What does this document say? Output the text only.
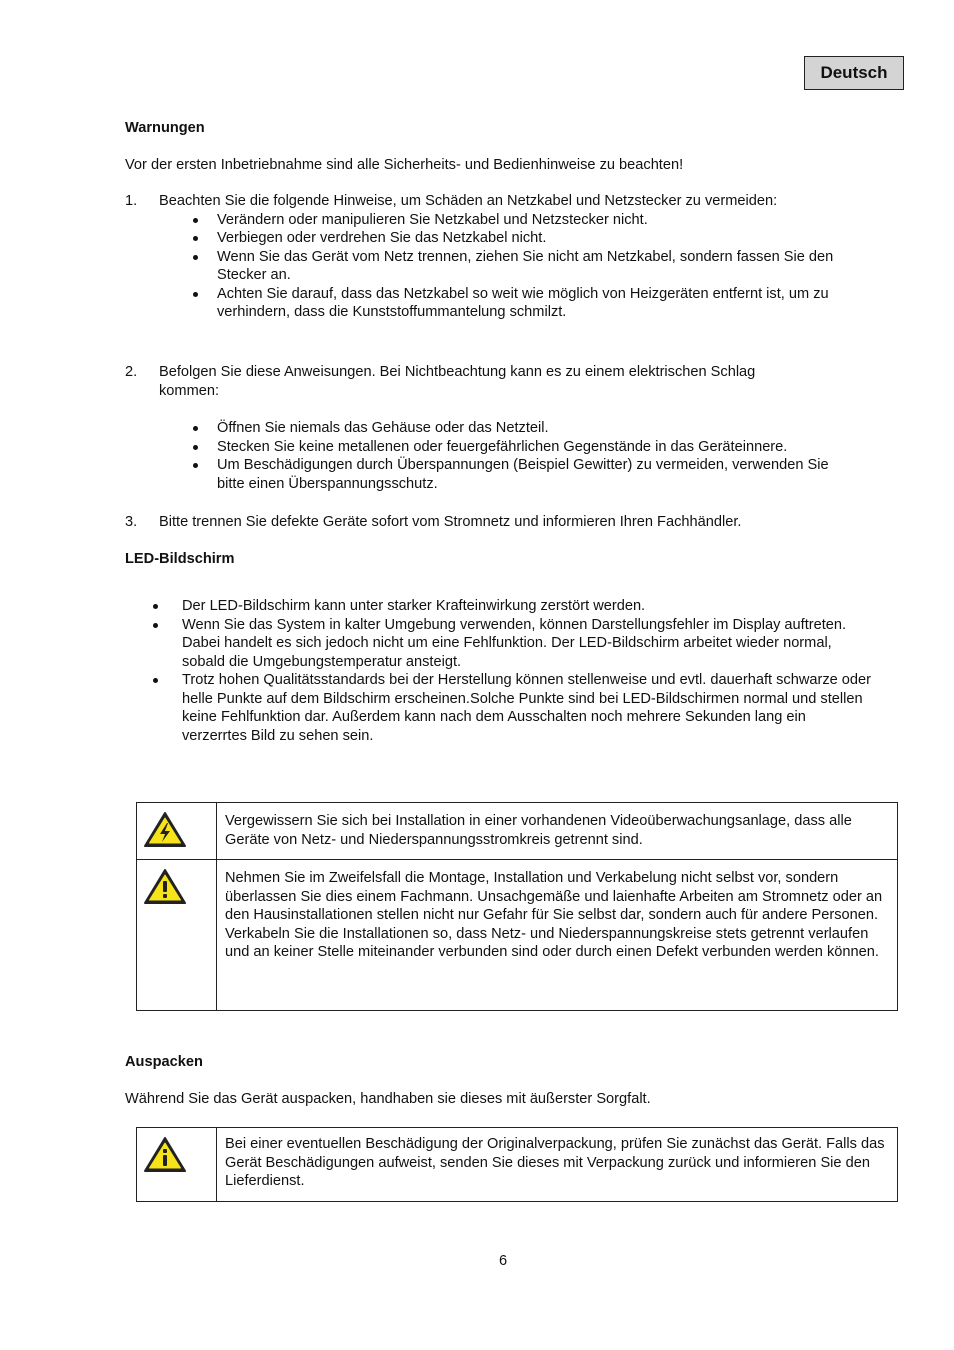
Deutsch
Warnungen
Vor der ersten Inbetriebnahme sind alle Sicherheits- und Bedienhinweise zu beachten!
1. Beachten Sie die folgende Hinweise, um Schäden an Netzkabel und Netzstecker zu vermeiden:
Verändern oder manipulieren Sie Netzkabel und Netzstecker nicht.
Verbiegen oder verdrehen Sie das Netzkabel nicht.
Wenn Sie das Gerät vom Netz trennen, ziehen Sie nicht am Netzkabel, sondern fassen Sie den Stecker an.
Achten Sie darauf, dass das Netzkabel so weit wie möglich von Heizgeräten entfernt ist, um zu verhindern, dass die Kunststoffummantelung schmilzt.
2. Befolgen Sie diese Anweisungen. Bei Nichtbeachtung kann es zu einem elektrischen Schlag kommen:
Öffnen Sie niemals das Gehäuse oder das Netzteil.
Stecken Sie keine metallenen oder feuergefährlichen Gegenstände in das Geräteinnere.
Um Beschädigungen durch Überspannungen (Beispiel Gewitter) zu vermeiden, verwenden Sie bitte einen Überspannungsschutz.
3. Bitte trennen Sie defekte Geräte sofort vom Stromnetz und informieren Ihren Fachhändler.
LED-Bildschirm
Der LED-Bildschirm kann unter starker Krafteinwirkung zerstört werden.
Wenn Sie das System in kalter Umgebung verwenden, können Darstellungsfehler im Display auftreten. Dabei handelt es sich jedoch nicht um eine Fehlfunktion. Der LED-Bildschirm arbeitet wieder normal, sobald die Umgebungstemperatur ansteigt.
Trotz hohen Qualitätsstandards bei der Herstellung können stellenweise und evtl. dauerhaft schwarze oder helle Punkte auf dem Bildschirm erscheinen.Solche Punkte sind bei LED-Bildschirmen normal und stellen keine Fehlfunktion dar. Außerdem kann nach dem Ausschalten noch mehrere Sekunden lang ein verzerrtes Bild zu sehen sein.
	Vergewissern Sie sich bei Installation in einer vorhandenen Videoüberwachungsanlage, dass alle Geräte von Netz- und Niederspannungsstromkreis getrennt sind.

Nehmen Sie im Zweifelsfall die Montage, Installation und Verkabelung nicht selbst vor, sondern überlassen Sie dies einem Fachmann. Unsachgemäße und laienhafte Arbeiten am Stromnetz oder an den Hausinstallationen stellen nicht nur Gefahr für Sie selbst dar, sondern auch für andere Personen.
Verkabeln Sie die Installationen so, dass Netz- und Niederspannungskreise stets getrennt verlaufen und an keiner Stelle miteinander verbunden sind oder durch einen Defekt verbunden werden können.
Auspacken
Während Sie das Gerät auspacken, handhaben sie dieses mit äußerster Sorgfalt.
	Bei einer eventuellen Beschädigung der Originalverpackung, prüfen Sie zunächst das Gerät. Falls das Gerät Beschädigungen aufweist, senden Sie dieses mit Verpackung zurück und informieren Sie den Lieferdienst.
6
